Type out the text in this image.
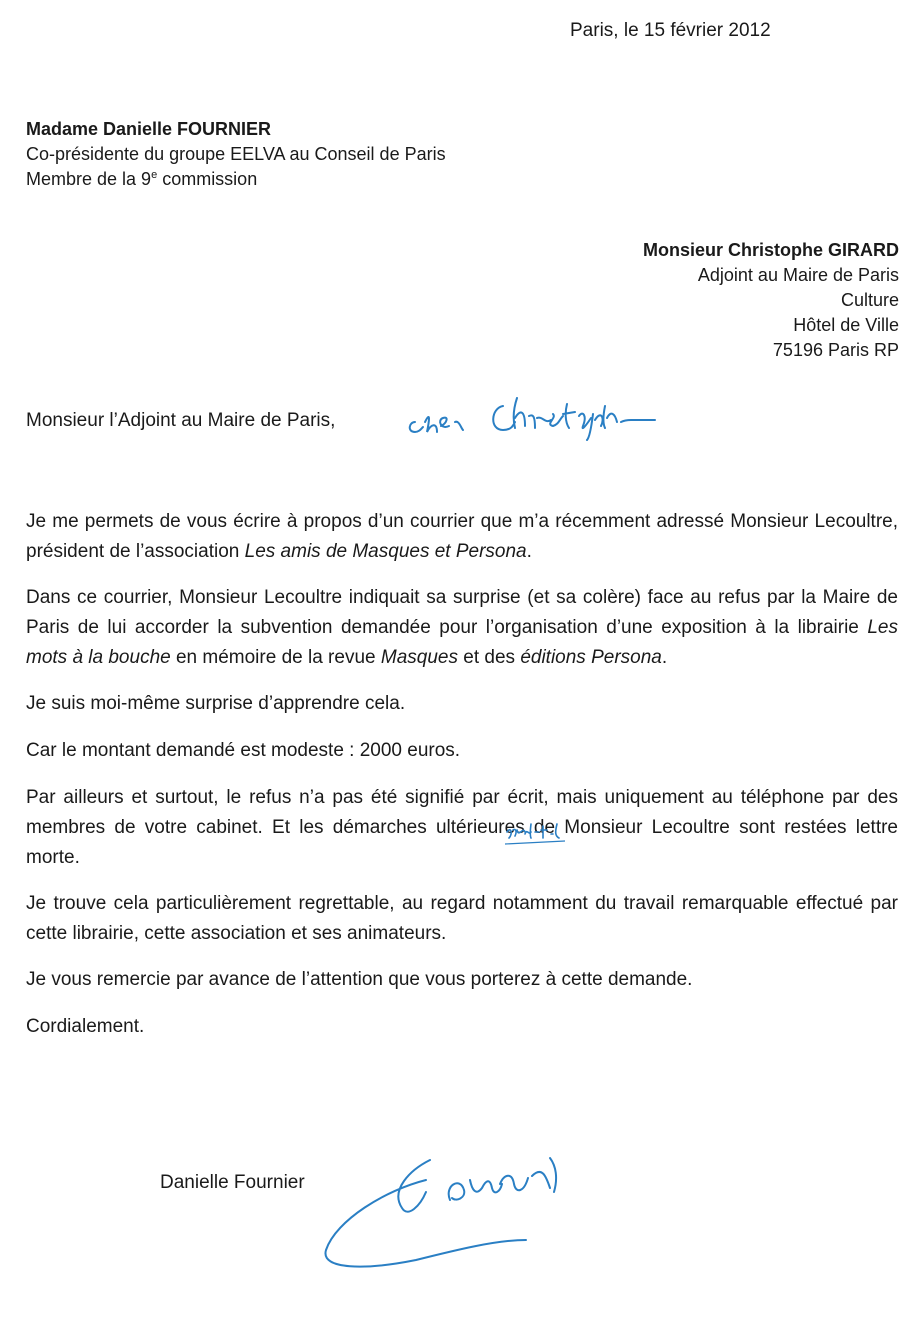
Paris, le 15 février 2012
Madame Danielle FOURNIER
Co-présidente du groupe EELVA au Conseil de Paris
Membre de la 9e commission
Monsieur Christophe GIRARD
Adjoint au Maire de Paris
Culture
Hôtel de Ville
75196 Paris RP
Monsieur l’Adjoint au Maire de Paris,

Je me permets de vous écrire à propos d’un courrier que m’a récemment adressé Monsieur Lecoultre, président de l’association Les amis de Masques et Persona.

Dans ce courrier, Monsieur Lecoultre indiquait sa surprise (et sa colère) face au refus par la Maire de Paris de lui accorder la subvention demandée pour l’organisation d’une exposition à la librairie Les mots à la bouche en mémoire de la revue Masques et des éditions Persona.

Je suis moi-même surprise d’apprendre cela.

Car le montant demandé est modeste : 2000 euros.

Par ailleurs et surtout, le refus n’a pas été signifié par écrit, mais uniquement au téléphone par des membres de votre cabinet. Et les démarches ultérieures de Monsieur Lecoultre sont restées lettre morte.

Je trouve cela particulièrement regrettable, au regard notamment du travail remarquable effectué par cette librairie, cette association et ses animateurs.

Je vous remercie par avance de l’attention que vous porterez à cette demande.

Cordialement.

Danielle Fournier
